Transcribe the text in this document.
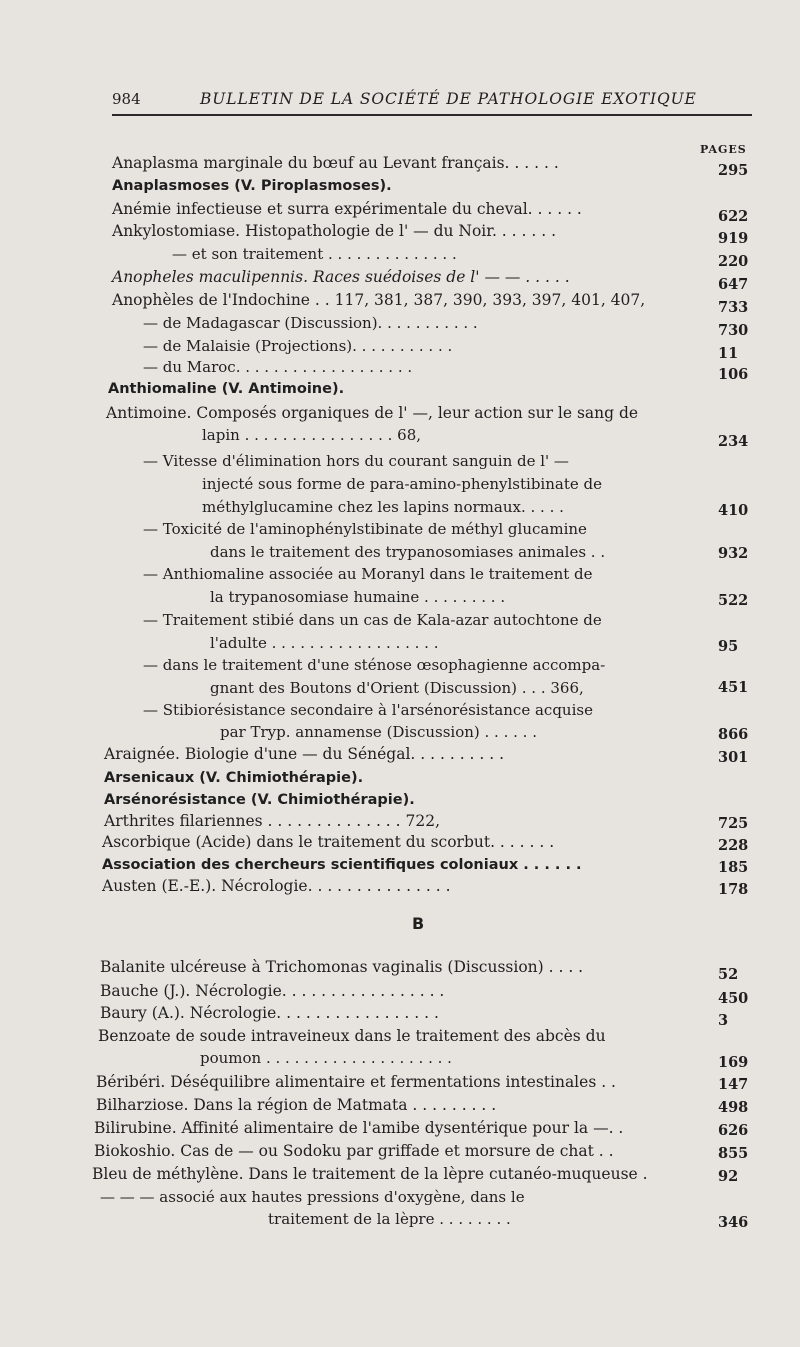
984	BULLETIN DE LA SOCIÉTÉ DE PATHOLOGIE EXOTIQUE
PAGES
Anaplasma marginale du bœuf au Levant français. . . . . .	295
Anaplasmoses (V. Piroplasmoses).
Anémie infectieuse et surra expérimentale du cheval. . . . . .	622
Ankylostomiase. Histopathologie de l' — du Noir. . . . . . .	919
— et son traitement . . . . . . . . . . . . . .	220
Anopheles maculipennis. Races suédoises de l' — — . . . . .	647
Anophèles de l'Indochine . . 117, 381, 387, 390, 393, 397, 401, 407,	733
— de Madagascar (Discussion). . . . . . . . . . .	730
— de Malaisie (Projections). . . . . . . . . . .	11
— du Maroc. . . . . . . . . . . . . . . . . . .	106
Anthiomaline (V. Antimoine).
Antimoine. Composés organiques de l' —, leur action sur le sang de
lapin . . . . . . . . . . . . . . . . 68,	234
— Vitesse d'élimination hors du courant sanguin de l' —
injecté sous forme de para-amino-phenylstibinate de
méthylglucamine chez les lapins normaux. . . . .	410
— Toxicité de l'aminophénylstibinate de méthyl glucamine
dans le traitement des trypanosomiases animales . .	932
— Anthiomaline associée au Moranyl dans le traitement de
la trypanosomiase humaine . . . . . . . . .	522
— Traitement stibié dans un cas de Kala-azar autochtone de
l'adulte . . . . . . . . . . . . . . . . . .	95
— dans le traitement d'une sténose œsophagienne accompa-
gnant des Boutons d'Orient (Discussion) . . . 366,	451
— Stibiorésistance secondaire à l'arsénorésistance acquise
par Tryp. annamense (Discussion) . . . . . .	866
Araignée. Biologie d'une — du Sénégal. . . . . . . . . .	301
Arsenicaux (V. Chimiothérapie).
Arsénorésistance (V. Chimiothérapie).
Arthrites filariennes . . . . . . . . . . . . . . 722,	725
Ascorbique (Acide) dans le traitement du scorbut. . . . . . .	228
Association des chercheurs scientifiques coloniaux . . . . . .	185
Austen (E.-E.). Nécrologie. . . . . . . . . . . . . . .	178
B
Balanite ulcéreuse à Trichomonas vaginalis (Discussion) . . . .	52
Bauche (J.). Nécrologie. . . . . . . . . . . . . . . . .	450
Baury (A.). Nécrologie. . . . . . . . . . . . . . . . .	3
Benzoate de soude intraveineux dans le traitement des abcès du
poumon . . . . . . . . . . . . . . . . . . . .	169
Béribéri. Déséquilibre alimentaire et fermentations intestinales . .	147
Bilharziose. Dans la région de Matmata . . . . . . . . .	498
Bilirubine. Affinité alimentaire de l'amibe dysentérique pour la —. .	626
Biokoshio. Cas de — ou Sodoku par griffade et morsure de chat . .	855
Bleu de méthylène. Dans le traitement de la lèpre cutanéo-muqueuse .	92
— — — associé aux hautes pressions d'oxygène, dans le
traitement de la lèpre . . . . . . . .	346
